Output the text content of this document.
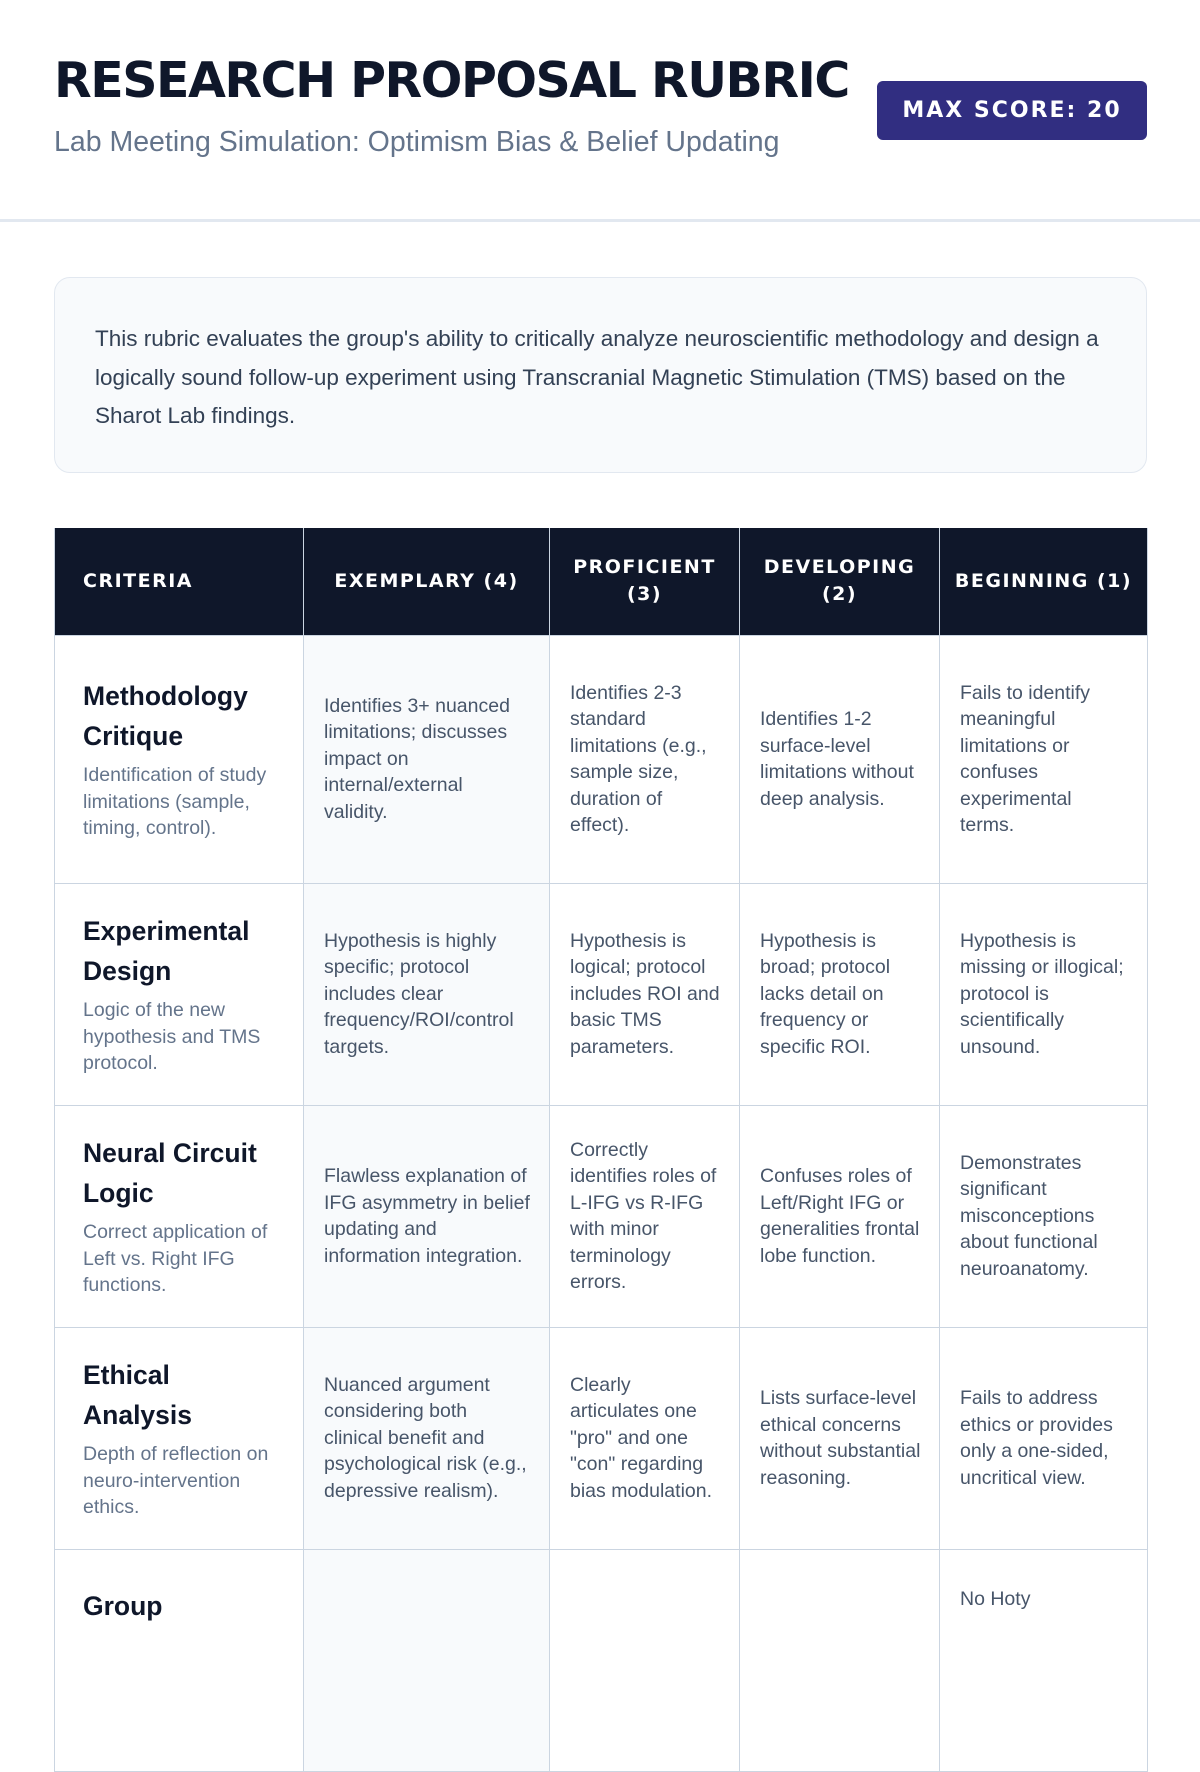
RESEARCH PROPOSAL RUBRIC
Lab Meeting Simulation: Optimism Bias & Belief Updating
MAX SCORE: 20

This rubric evaluates the group's ability to critically analyze neuroscientific methodology and design a logically sound follow-up experiment using Transcranial Magnetic Stimulation (TMS) based on the Sharot Lab findings.

CRITERIA	EXEMPLARY (4)	PROFICIENT (3)	DEVELOPING (2)	BEGINNING (1)

Methodology Critique
Identification of study limitations (sample, timing, control).	Identifies 3+ nuanced limitations; discusses impact on internal/external validity.	Identifies 2-3 standard limitations (e.g., sample size, duration of effect).	Identifies 1-2 surface-level limitations without deep analysis.	Fails to identify meaningful limitations or confuses experimental terms.

Experimental Design
Logic of the new hypothesis and TMS protocol.	Hypothesis is highly specific; protocol includes clear frequency/ROI/control targets.	Hypothesis is logical; protocol includes ROI and basic TMS parameters.	Hypothesis is broad; protocol lacks detail on frequency or specific ROI.	Hypothesis is missing or illogical; protocol is scientifically unsound.

Neural Circuit Logic
Correct application of Left vs. Right IFG functions.	Flawless explanation of IFG asymmetry in belief updating and information integration.	Correctly identifies roles of L-IFG vs R-IFG with minor terminology errors.	Confuses roles of Left/Right IFG or generalities frontal lobe function.	Demonstrates significant misconceptions about functional neuroanatomy.

Ethical Analysis
Depth of reflection on neuro-intervention ethics.	Nuanced argument considering both clinical benefit and psychological risk (e.g., depressive realism).	Clearly articulates one "pro" and one "con" regarding bias modulation.	Lists surface-level ethical concerns without substantial reasoning.	Fails to address ethics or provides only a one-sided, uncritical view.

Group				No Hoty
